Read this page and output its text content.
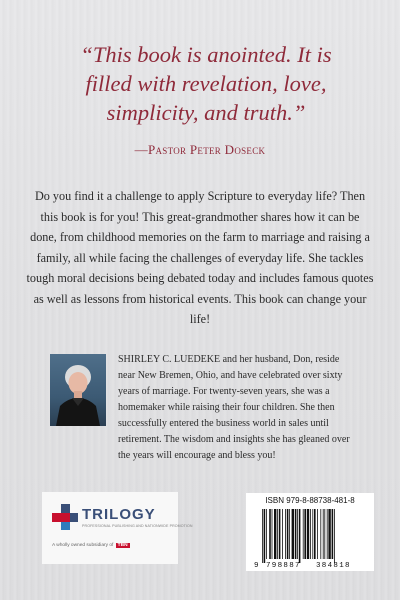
“This book is anointed. It is filled with revelation, love, simplicity, and truth.”

—Pastor Peter Doseck

Do you find it a challenge to apply Scripture to everyday life? Then this book is for you! This great-grandmother shares how it can be done, from childhood memories on the farm to marriage and raising a family, all while facing the challenges of everyday life. She tackles tough moral decisions being debated today and includes famous quotes as well as lessons from historical events. This book can change your life!

SHIRLEY C. LUEDEKE and her husband, Don, reside near New Bremen, Ohio, and have celebrated over sixty years of marriage. For twenty-seven years, she was a homemaker while raising their four children. She then successfully entered the business world in sales until retirement. The wisdom and insights she has gleaned over the years will encourage and bless you!

TRILOGY
PROFESSIONAL PUBLISHING AND NATIONWIDE PROMOTION
A wholly owned subsidiary of TBN
ISBN 979-8-88738-481-8
9 798887 384818
